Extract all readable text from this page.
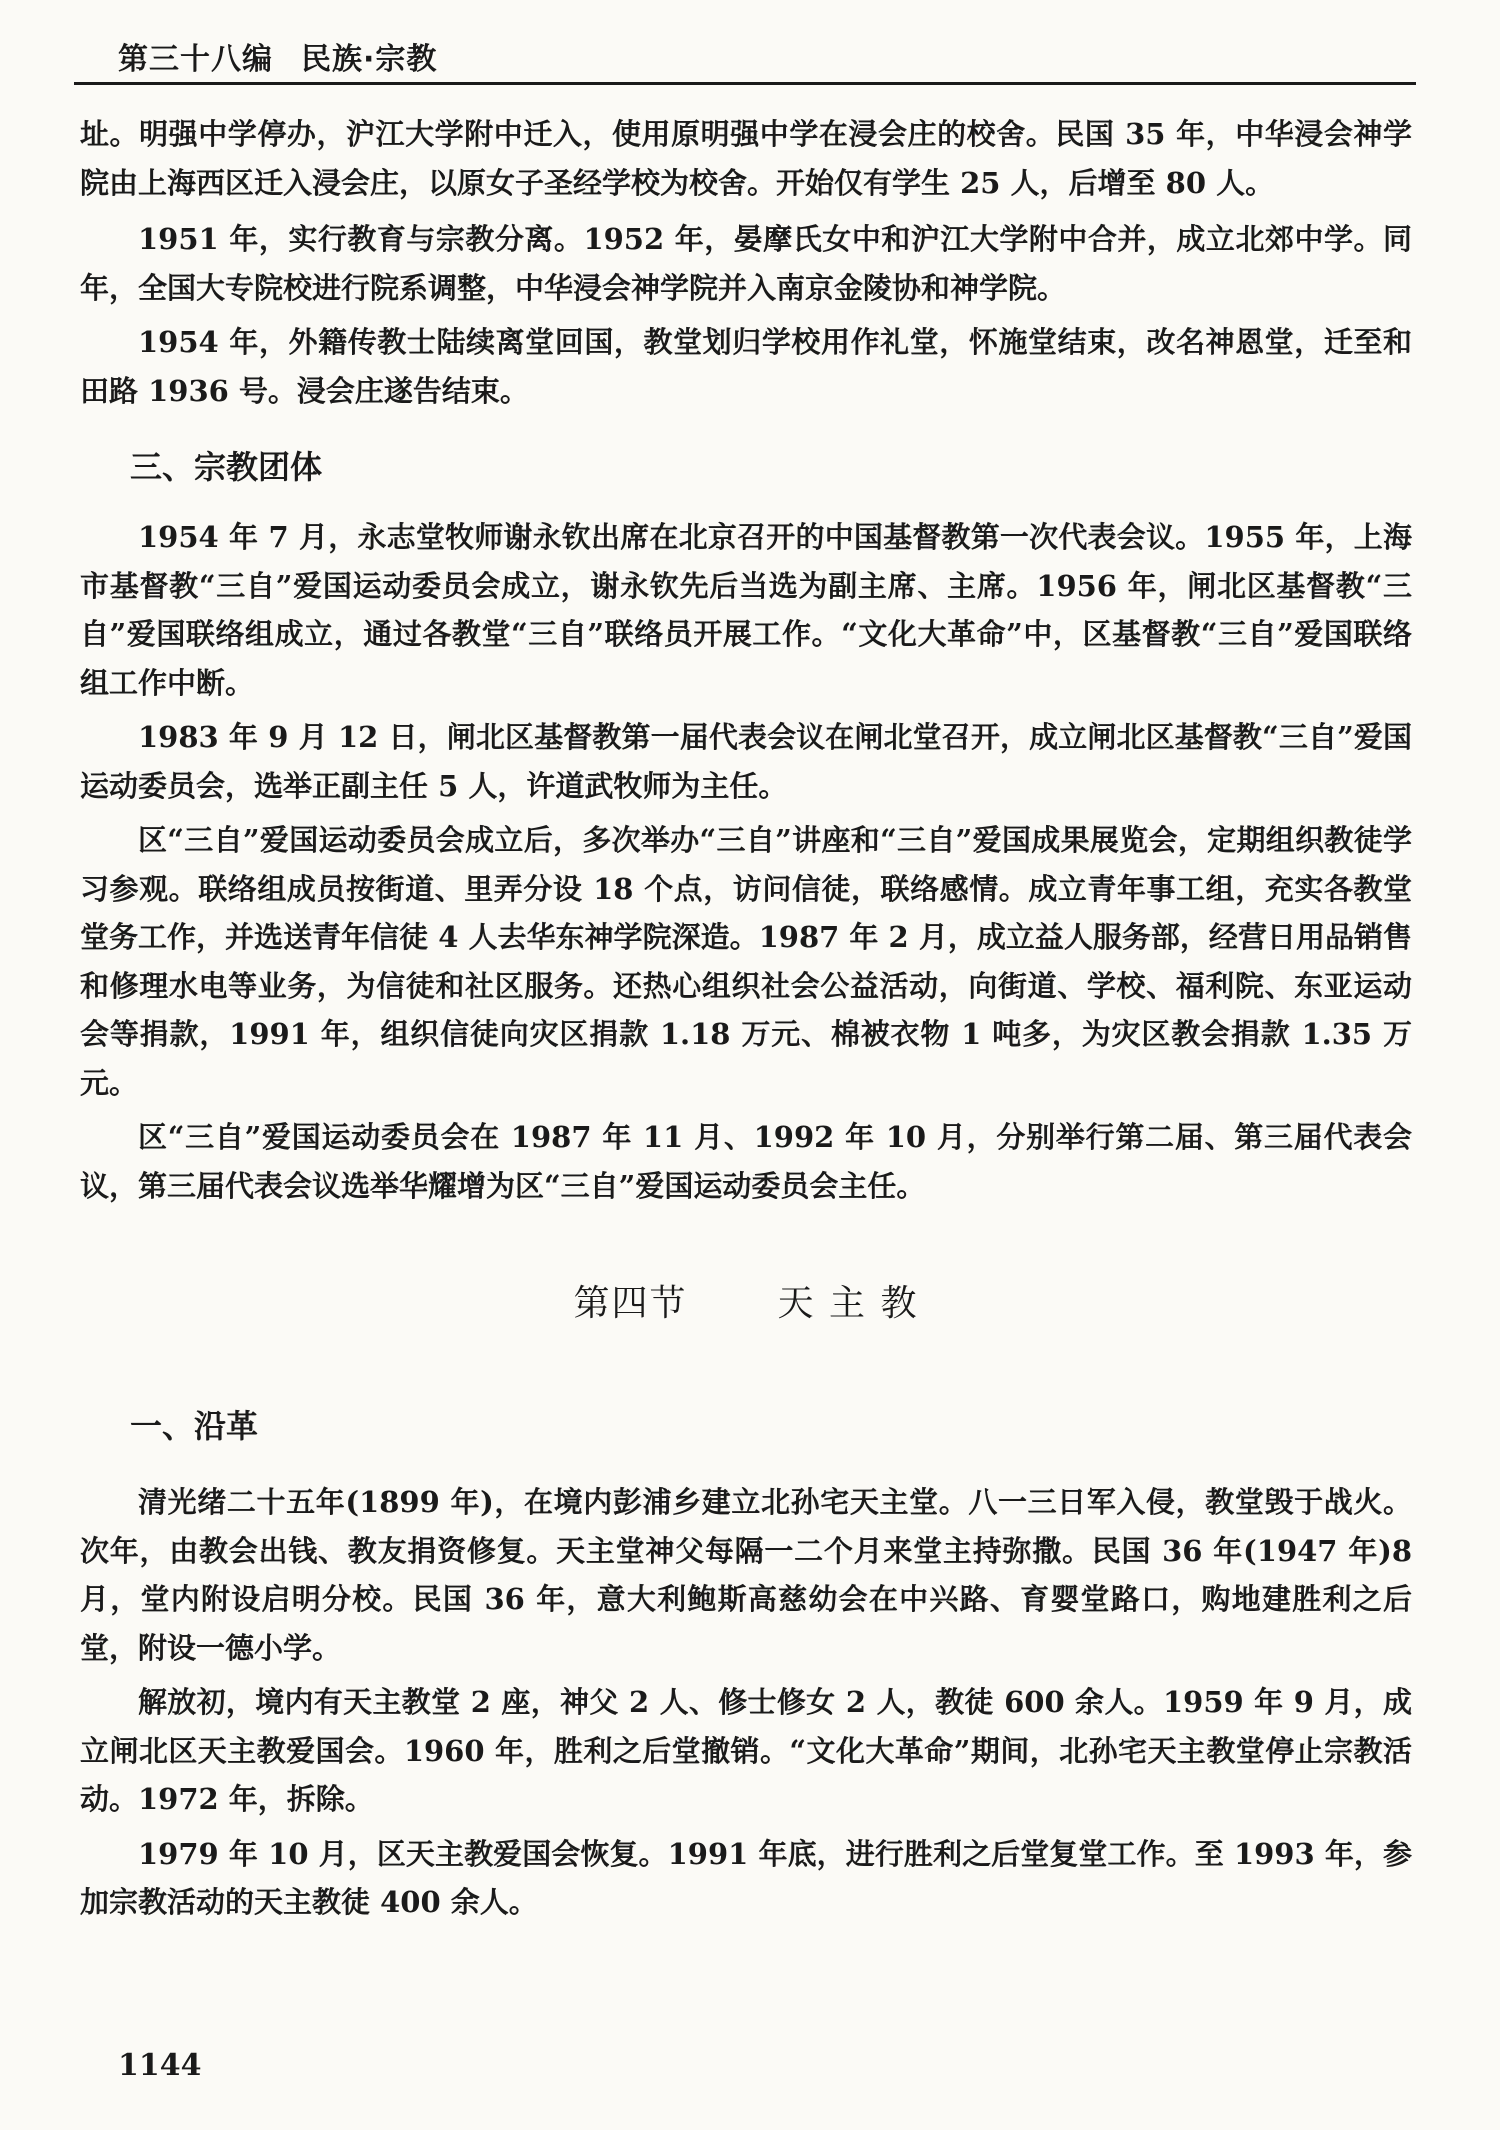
第三十八编 民族·宗教

址。明强中学停办，沪江大学附中迁入，使用原明强中学在浸会庄的校舍。民国 35 年，中华浸会神学院由上海西区迁入浸会庄，以原女子圣经学校为校舍。开始仅有学生 25 人，后增至 80 人。

1951 年，实行教育与宗教分离。1952 年，晏摩氏女中和沪江大学附中合并，成立北郊中学。同年，全国大专院校进行院系调整，中华浸会神学院并入南京金陵协和神学院。

1954 年，外籍传教士陆续离堂回国，教堂划归学校用作礼堂，怀施堂结束，改名神恩堂，迁至和田路 1936 号。浸会庄遂告结束。

三、宗教团体

1954 年 7 月，永志堂牧师谢永钦出席在北京召开的中国基督教第一次代表会议。1955 年，上海市基督教“三自”爱国运动委员会成立，谢永钦先后当选为副主席、主席。1956 年，闸北区基督教“三自”爱国联络组成立，通过各教堂“三自”联络员开展工作。“文化大革命”中，区基督教“三自”爱国联络组工作中断。

1983 年 9 月 12 日，闸北区基督教第一届代表会议在闸北堂召开，成立闸北区基督教“三自”爱国运动委员会，选举正副主任 5 人，许道武牧师为主任。

区“三自”爱国运动委员会成立后，多次举办“三自”讲座和“三自”爱国成果展览会，定期组织教徒学习参观。联络组成员按街道、里弄分设 18 个点，访问信徒，联络感情。成立青年事工组，充实各教堂堂务工作，并选送青年信徒 4 人去华东神学院深造。1987 年 2 月，成立益人服务部，经营日用品销售和修理水电等业务，为信徒和社区服务。还热心组织社会公益活动，向街道、学校、福利院、东亚运动会等捐款，1991 年，组织信徒向灾区捐款 1.18 万元、棉被衣物 1 吨多，为灾区教会捐款 1.35 万元。

区“三自”爱国运动委员会在 1987 年 11 月、1992 年 10 月，分别举行第二届、第三届代表会议，第三届代表会议选举华耀增为区“三自”爱国运动委员会主任。

第四节	天 主 教
一、沿革

清光绪二十五年(1899 年)，在境内彭浦乡建立北孙宅天主堂。八一三日军入侵，教堂毁于战火。次年，由教会出钱、教友捐资修复。天主堂神父每隔一二个月来堂主持弥撒。民国 36 年(1947 年)8 月，堂内附设启明分校。民国 36 年，意大利鲍斯高慈幼会在中兴路、育婴堂路口，购地建胜利之后堂，附设一德小学。

解放初，境内有天主教堂 2 座，神父 2 人、修士修女 2 人，教徒 600 余人。1959 年 9 月，成立闸北区天主教爱国会。1960 年，胜利之后堂撤销。“文化大革命”期间，北孙宅天主教堂停止宗教活动。1972 年，拆除。

1979 年 10 月，区天主教爱国会恢复。1991 年底，进行胜利之后堂复堂工作。至 1993 年，参加宗教活动的天主教徒 400 余人。

1144
